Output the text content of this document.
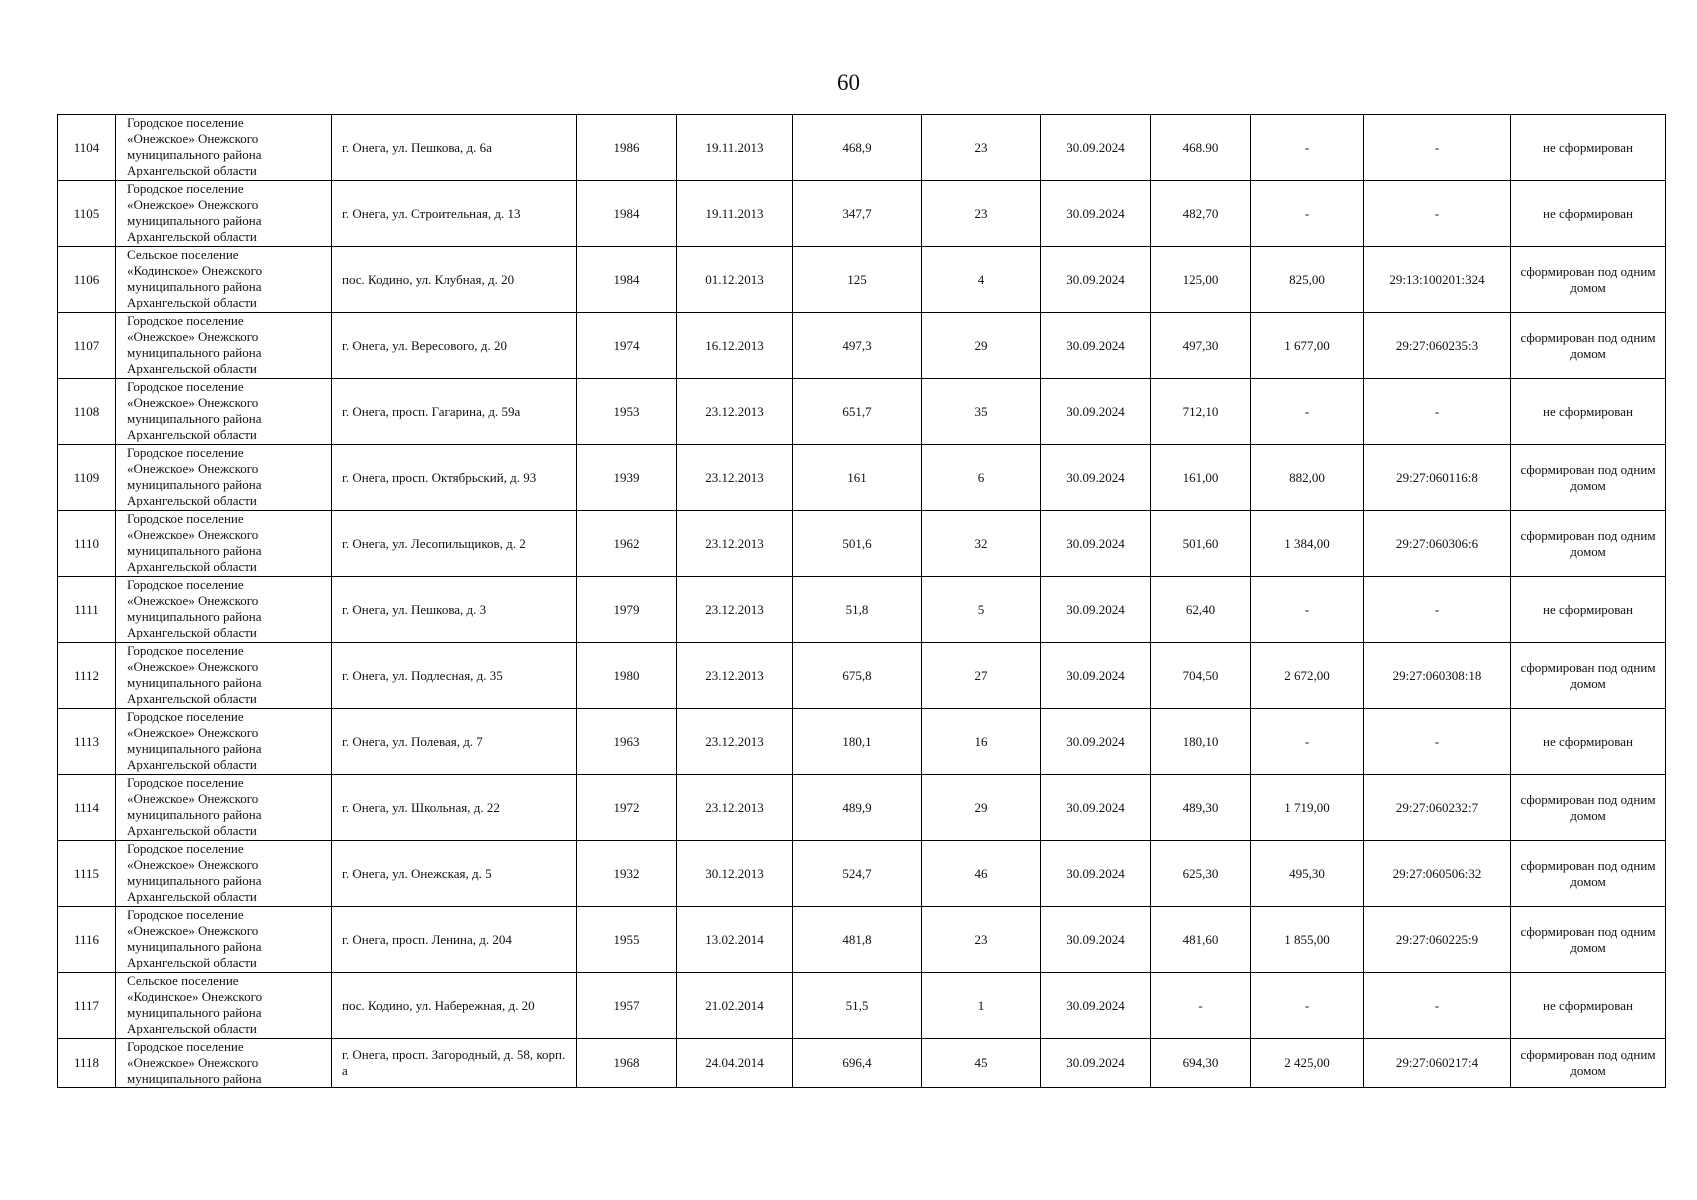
60
1104	Городское поселение
«Онежское» Онежского
муниципального района
Архангельской области	г. Онега, ул. Пешкова, д. 6а	1986	19.11.2013	468,9	23	30.09.2024	468.90	-	-	не сформирован
1105	Городское поселение
«Онежское» Онежского
муниципального района
Архангельской области	г. Онега, ул. Строительная, д. 13	1984	19.11.2013	347,7	23	30.09.2024	482,70	-	-	не сформирован
1106	Сельское поселение
«Кодинское» Онежского
муниципального района
Архангельской области	пос. Кодино, ул. Клубная, д. 20	1984	01.12.2013	125	4	30.09.2024	125,00	825,00	29:13:100201:324	сформирован под одним домом
1107	Городское поселение
«Онежское» Онежского
муниципального района
Архангельской области	г. Онега, ул. Вересового, д. 20	1974	16.12.2013	497,3	29	30.09.2024	497,30	1 677,00	29:27:060235:3	сформирован под одним домом
1108	Городское поселение
«Онежское» Онежского
муниципального района
Архангельской области	г. Онега, просп. Гагарина, д. 59а	1953	23.12.2013	651,7	35	30.09.2024	712,10	-	-	не сформирован
1109	Городское поселение
«Онежское» Онежского
муниципального района
Архангельской области	г. Онега, просп. Октябрьский, д. 93	1939	23.12.2013	161	6	30.09.2024	161,00	882,00	29:27:060116:8	сформирован под одним домом
1110	Городское поселение
«Онежское» Онежского
муниципального района
Архангельской области	г. Онега, ул. Лесопильщиков, д. 2	1962	23.12.2013	501,6	32	30.09.2024	501,60	1 384,00	29:27:060306:6	сформирован под одним домом
1111	Городское поселение
«Онежское» Онежского
муниципального района
Архангельской области	г. Онега, ул. Пешкова, д. 3	1979	23.12.2013	51,8	5	30.09.2024	62,40	-	-	не сформирован
1112	Городское поселение
«Онежское» Онежского
муниципального района
Архангельской области	г. Онега, ул. Подлесная, д. 35	1980	23.12.2013	675,8	27	30.09.2024	704,50	2 672,00	29:27:060308:18	сформирован под одним домом
1113	Городское поселение
«Онежское» Онежского
муниципального района
Архангельской области	г. Онега, ул. Полевая, д. 7	1963	23.12.2013	180,1	16	30.09.2024	180,10	-	-	не сформирован
1114	Городское поселение
«Онежское» Онежского
муниципального района
Архангельской области	г. Онега, ул. Школьная, д. 22	1972	23.12.2013	489,9	29	30.09.2024	489,30	1 719,00	29:27:060232:7	сформирован под одним домом
1115	Городское поселение
«Онежское» Онежского
муниципального района
Архангельской области	г. Онега, ул. Онежская, д. 5	1932	30.12.2013	524,7	46	30.09.2024	625,30	495,30	29:27:060506:32	сформирован под одним домом
1116	Городское поселение
«Онежское» Онежского
муниципального района
Архангельской области	г. Онега, просп. Ленина, д. 204	1955	13.02.2014	481,8	23	30.09.2024	481,60	1 855,00	29:27:060225:9	сформирован под одним домом
1117	Сельское поселение
«Кодинское» Онежского
муниципального района
Архангельской области	пос. Кодино, ул. Набережная, д. 20	1957	21.02.2014	51,5	1	30.09.2024	-	-	-	не сформирован
1118	Городское поселение
«Онежское» Онежского
муниципального района	г. Онега, просп. Загородный, д. 58, корп. а	1968	24.04.2014	696,4	45	30.09.2024	694,30	2 425,00	29:27:060217:4	сформирован под одним домом
